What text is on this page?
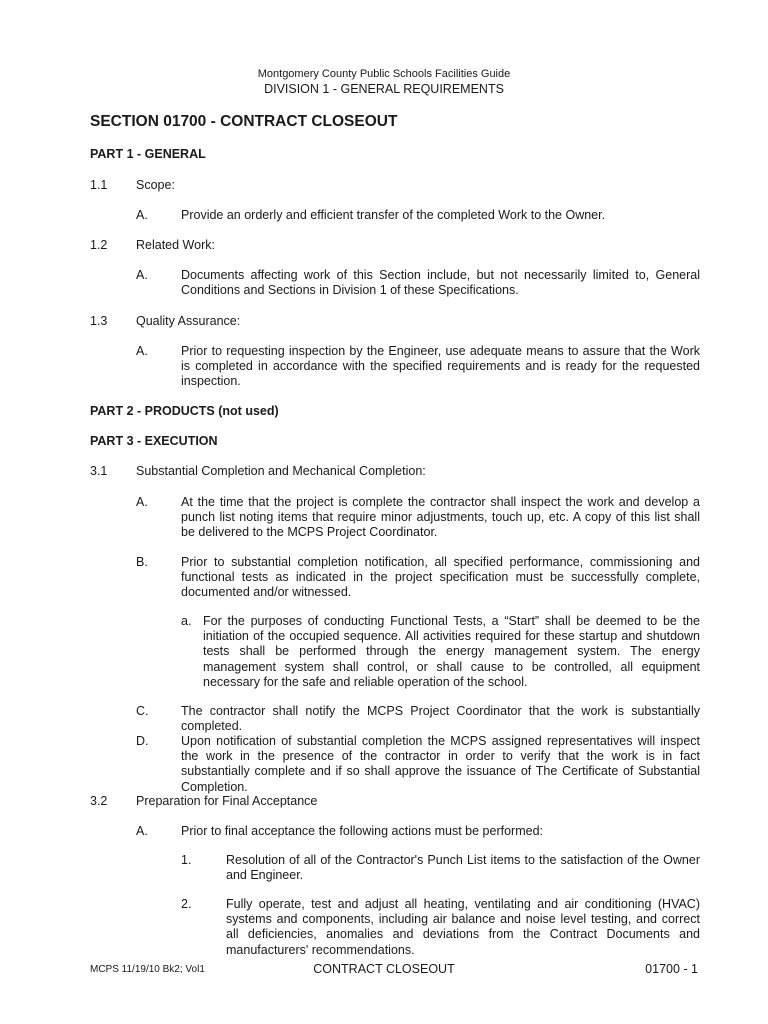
Montgomery County Public Schools Facilities Guide
DIVISION 1 - GENERAL REQUIREMENTS
SECTION 01700 - CONTRACT CLOSEOUT
PART 1 - GENERAL
1.1 Scope:
A.	Provide an orderly and efficient transfer of the completed Work to the Owner.
1.2 Related Work:
A.	Documents affecting work of this Section include, but not necessarily limited to, General Conditions and Sections in Division 1 of these Specifications.
1.3 Quality Assurance:
A.	Prior to requesting inspection by the Engineer, use adequate means to assure that the Work is completed in accordance with the specified requirements and is ready for the requested inspection.
PART 2 - PRODUCTS (not used)
PART 3 - EXECUTION
3.1 Substantial Completion and Mechanical Completion:
A.	At the time that the project is complete the contractor shall inspect the work and develop a punch list noting items that require minor adjustments, touch up, etc. A copy of this list shall be delivered to the MCPS Project Coordinator.
B.	Prior to substantial completion notification, all specified performance, commissioning and functional tests as indicated in the project specification must be successfully complete, documented and/or witnessed.
a. For the purposes of conducting Functional Tests, a “Start” shall be deemed to be the initiation of the occupied sequence. All activities required for these startup and shutdown tests shall be performed through the energy management system. The energy management system shall control, or shall cause to be controlled, all equipment necessary for the safe and reliable operation of the school.
C.	The contractor shall notify the MCPS Project Coordinator that the work is substantially completed.
D.	Upon notification of substantial completion the MCPS assigned representatives will inspect the work in the presence of the contractor in order to verify that the work is in fact substantially complete and if so shall approve the issuance of The Certificate of Substantial Completion.
3.2 Preparation for Final Acceptance
A.	Prior to final acceptance the following actions must be performed:
1.	Resolution of all of the Contractor's Punch List items to the satisfaction of the Owner and Engineer.
2.	Fully operate, test and adjust all heating, ventilating and air conditioning (HVAC) systems and components, including air balance and noise level testing, and correct all deficiencies, anomalies and deviations from the Contract Documents and manufacturers' recommendations.
MCPS 11/19/10 Bk2; Vol1	CONTRACT CLOSEOUT	01700 - 1
